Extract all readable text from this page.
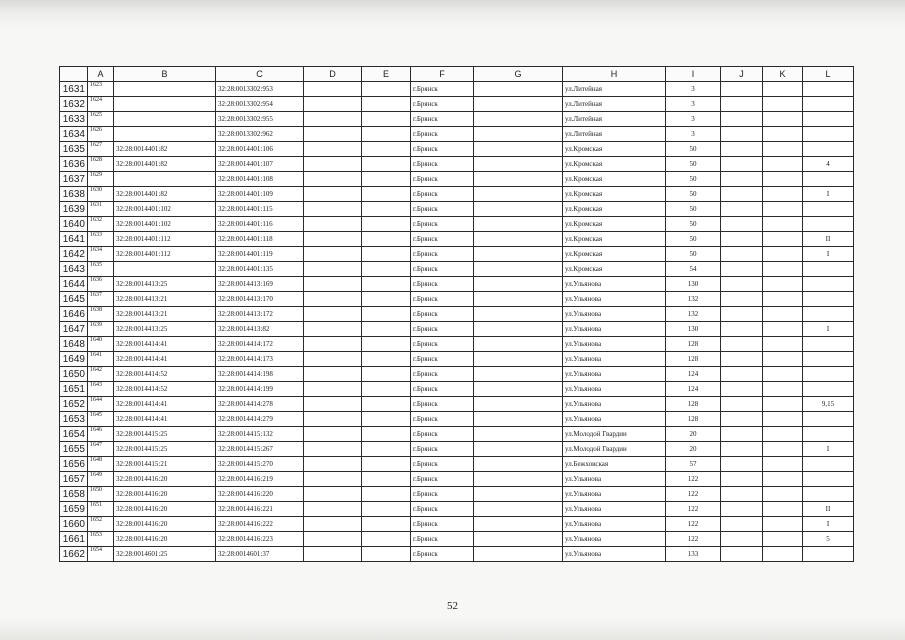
	A	B	C	D	E	F	G	H	I	J	K	L
1631	1623		32:28:0013302:953			г.Брянск		ул.Литейная	3			
1632	1624		32:28:0013302:954			г.Брянск		ул.Литейная	3			
1633	1625		32:28:0013302:955			г.Брянск		ул.Литейная	3			
1634	1626		32:28:0013302:962			г.Брянск		ул.Литейная	3			
1635	1627	32:28:0014401:82	32:28:0014401:106			г.Брянск		ул.Кромская	50			
1636	1628	32:28:0014401:82	32:28:0014401:107			г.Брянск		ул.Кромская	50			4
1637	1629		32:28:0014401:108			г.Брянск		ул.Кромская	50			
1638	1630	32:28:0014401:82	32:28:0014401:109			г.Брянск		ул.Кромская	50			I
1639	1631	32:28:0014401:102	32:28:0014401:115			г.Брянск		ул.Кромская	50			
1640	1632	32:28:0014401:102	32:28:0014401:116			г.Брянск		ул.Кромская	50			
1641	1633	32:28:0014401:112	32:28:0014401:118			г.Брянск		ул.Кромская	50			II
1642	1634	32:28:0014401:112	32:28:0014401:119			г.Брянск		ул.Кромская	50			I
1643	1635		32:28:0014401:135			г.Брянск		ул.Кромская	54			
1644	1636	32:28:0014413:25	32:28:0014413:169			г.Брянск		ул.Ульянова	130			
1645	1637	32:28:0014413:21	32:28:0014413:170			г.Брянск		ул.Ульянова	132			
1646	1638	32:28:0014413:21	32:28:0014413:172			г.Брянск		ул.Ульянова	132			
1647	1639	32:28:0014413:25	32:28:0014413:82			г.Брянск		ул.Ульянова	130			I
1648	1640	32:28:0014414:41	32:28:0014414:172			г.Брянск		ул.Ульянова	128			
1649	1641	32:28:0014414:41	32:28:0014414:173			г.Брянск		ул.Ульянова	128			
1650	1642	32:28:0014414:52	32:28:0014414:198			г.Брянск		ул.Ульянова	124			
1651	1643	32:28:0014414:52	32:28:0014414:199			г.Брянск		ул.Ульянова	124			
1652	1644	32:28:0014414:41	32:28:0014414:278			г.Брянск		ул.Ульянова	128			9,15
1653	1645	32:28:0014414:41	32:28:0014414:279			г.Брянск		ул.Ульянова	128			
1654	1646	32:28:0014415:25	32:28:0014415:132			г.Брянск		ул.Молодой Гвардии	20			
1655	1647	32:28:0014415:25	32:28:0014415:267			г.Брянск		ул.Молодой Гвардии	20			I
1656	1648	32:28:0014415:21	32:28:0014415:270			г.Брянск		ул.Бежховская	57			
1657	1649	32:28:0014416:20	32:28:0014416:219			г.Брянск		ул.Ульянова	122			
1658	1650	32:28:0014416:20	32:28:0014416:220			г.Брянск		ул.Ульянова	122			
1659	1651	32:28:0014416:20	32:28:0014416:221			г.Брянск		ул.Ульянова	122			II
1660	1652	32:28:0014416:20	32:28:0014416:222			г.Брянск		ул.Ульянова	122			I
1661	1653	32:28:0014416:20	32:28:0014416:223			г.Брянск		ул.Ульянова	122			5
1662	1654	32:28:0014601:25	32:28:0014601:37			г.Брянск		ул.Ульянова	133			
52
